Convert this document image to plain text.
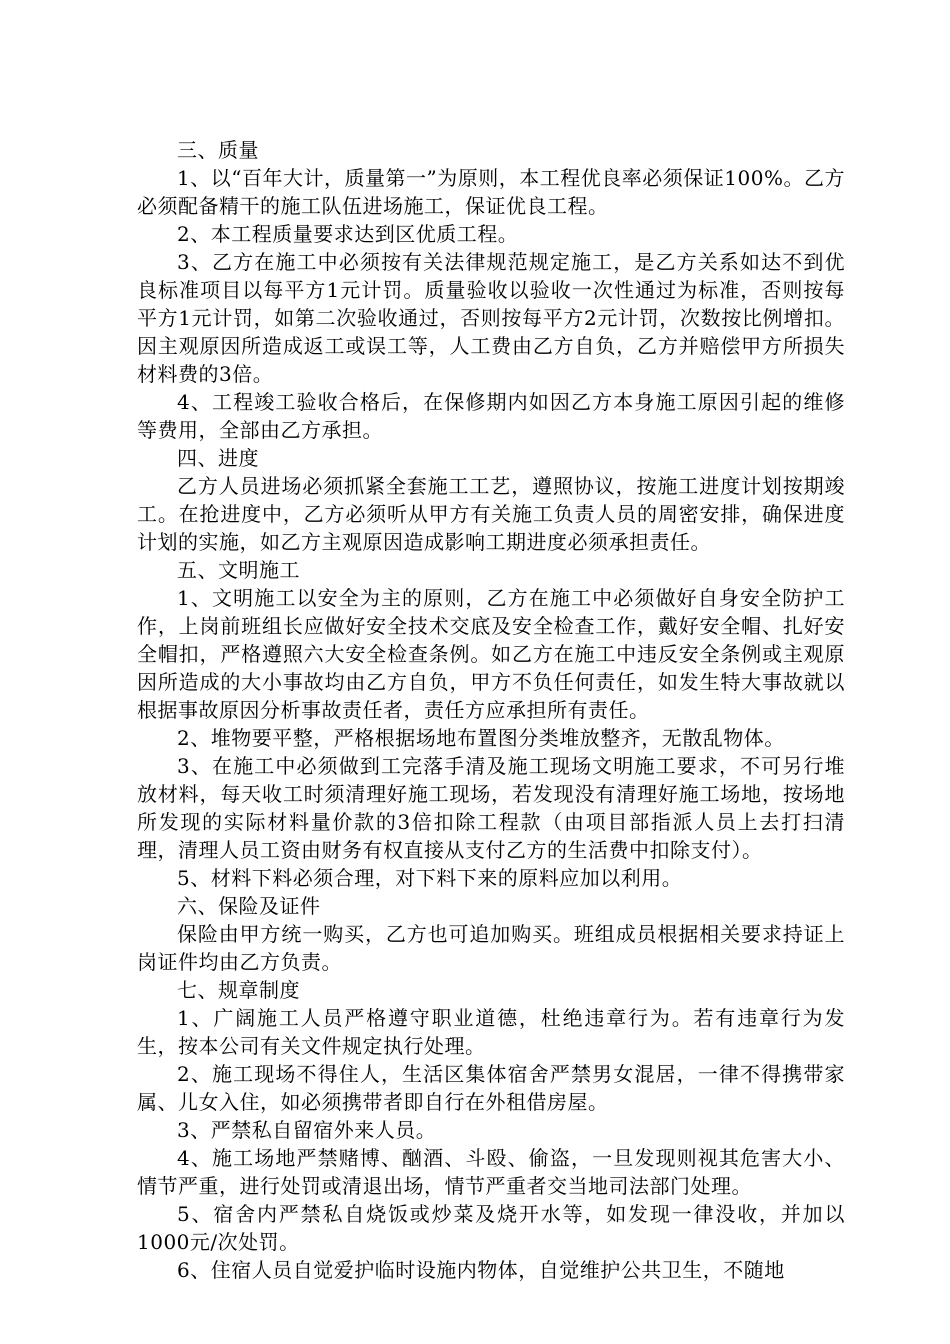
三、质量

1、以“百年大计，质量第一”为原则，本工程优良率必须保证100%。乙方必须配备精干的施工队伍进场施工，保证优良工程。

2、本工程质量要求达到区优质工程。

3、乙方在施工中必须按有关法律规范规定施工，是乙方关系如达不到优良标准项目以每平方1元计罚。质量验收以验收一次性通过为标准，否则按每平方1元计罚，如第二次验收通过，否则按每平方2元计罚，次数按比例增扣。因主观原因所造成返工或误工等，人工费由乙方自负，乙方并赔偿甲方所损失材料费的3倍。

4、工程竣工验收合格后，在保修期内如因乙方本身施工原因引起的维修等费用，全部由乙方承担。

四、进度

乙方人员进场必须抓紧全套施工工艺，遵照协议，按施工进度计划按期竣工。在抢进度中，乙方必须听从甲方有关施工负责人员的周密安排，确保进度计划的实施，如乙方主观原因造成影响工期进度必须承担责任。

五、文明施工

1、文明施工以安全为主的原则，乙方在施工中必须做好自身安全防护工作，上岗前班组长应做好安全技术交底及安全检查工作，戴好安全帽、扎好安全帽扣，严格遵照六大安全检查条例。如乙方在施工中违反安全条例或主观原因所造成的大小事故均由乙方自负，甲方不负任何责任，如发生特大事故就以根据事故原因分析事故责任者，责任方应承担所有责任。

2、堆物要平整，严格根据场地布置图分类堆放整齐，无散乱物体。

3、在施工中必须做到工完落手清及施工现场文明施工要求，不可另行堆放材料，每天收工时须清理好施工现场，若发现没有清理好施工场地，按场地所发现的实际材料量价款的3倍扣除工程款（由项目部指派人员上去打扫清理，清理人员工资由财务有权直接从支付乙方的生活费中扣除支付）。

5、材料下料必须合理，对下料下来的原料应加以利用。

六、保险及证件

保险由甲方统一购买，乙方也可追加购买。班组成员根据相关要求持证上岗证件均由乙方负责。

七、规章制度

1、广阔施工人员严格遵守职业道德，杜绝违章行为。若有违章行为发生，按本公司有关文件规定执行处理。

2、施工现场不得住人，生活区集体宿舍严禁男女混居，一律不得携带家属、儿女入住，如必须携带者即自行在外租借房屋。

3、严禁私自留宿外来人员。

4、施工场地严禁赌博、酗酒、斗殴、偷盗，一旦发现则视其危害大小、情节严重，进行处罚或清退出场，情节严重者交当地司法部门处理。

5、宿舍内严禁私自烧饭或炒菜及烧开水等，如发现一律没收，并加以1000元/次处罚。

6、住宿人员自觉爱护临时设施内物体，自觉维护公共卫生，不随地
